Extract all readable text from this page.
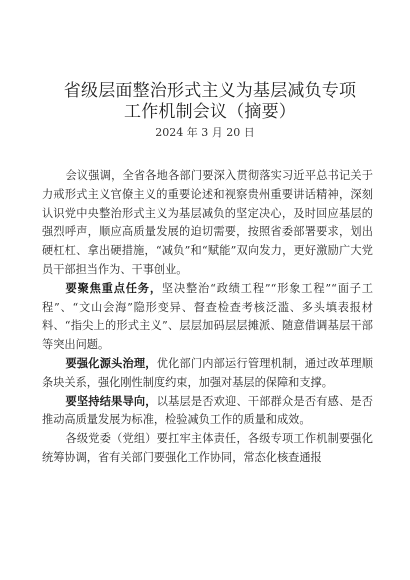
省级层面整治形式主义为基层减负专项工作机制会议（摘要）
2024 年 3 月 20 日

会议强调，全省各地各部门要深入贯彻落实习近平总书记关于力戒形式主义官僚主义的重要论述和视察贵州重要讲话精神，深刻认识党中央整治形式主义为基层减负的坚定决心，及时回应基层的强烈呼声，顺应高质量发展的迫切需要，按照省委部署要求，划出硬杠杠、拿出硬措施，“减负”和“赋能”双向发力，更好激励广大党员干部担当作为、干事创业。

要聚焦重点任务，坚决整治“政绩工程”“形象工程”“面子工程”、“文山会海”隐形变异、督查检查考核泛滥、多头填表报材料、“指尖上的形式主义”、层层加码层层摊派、随意借调基层干部等突出问题。

要强化源头治理，优化部门内部运行管理机制，通过改革理顺条块关系，强化刚性制度约束，加强对基层的保障和支撑。

要坚持结果导向，以基层是否欢迎、干部群众是否有感、是否推动高质量发展为标准，检验减负工作的质量和成效。

各级党委（党组）要扛牢主体责任，各级专项工作机制要强化统筹协调，省有关部门要强化工作协同，常态化核查通报
